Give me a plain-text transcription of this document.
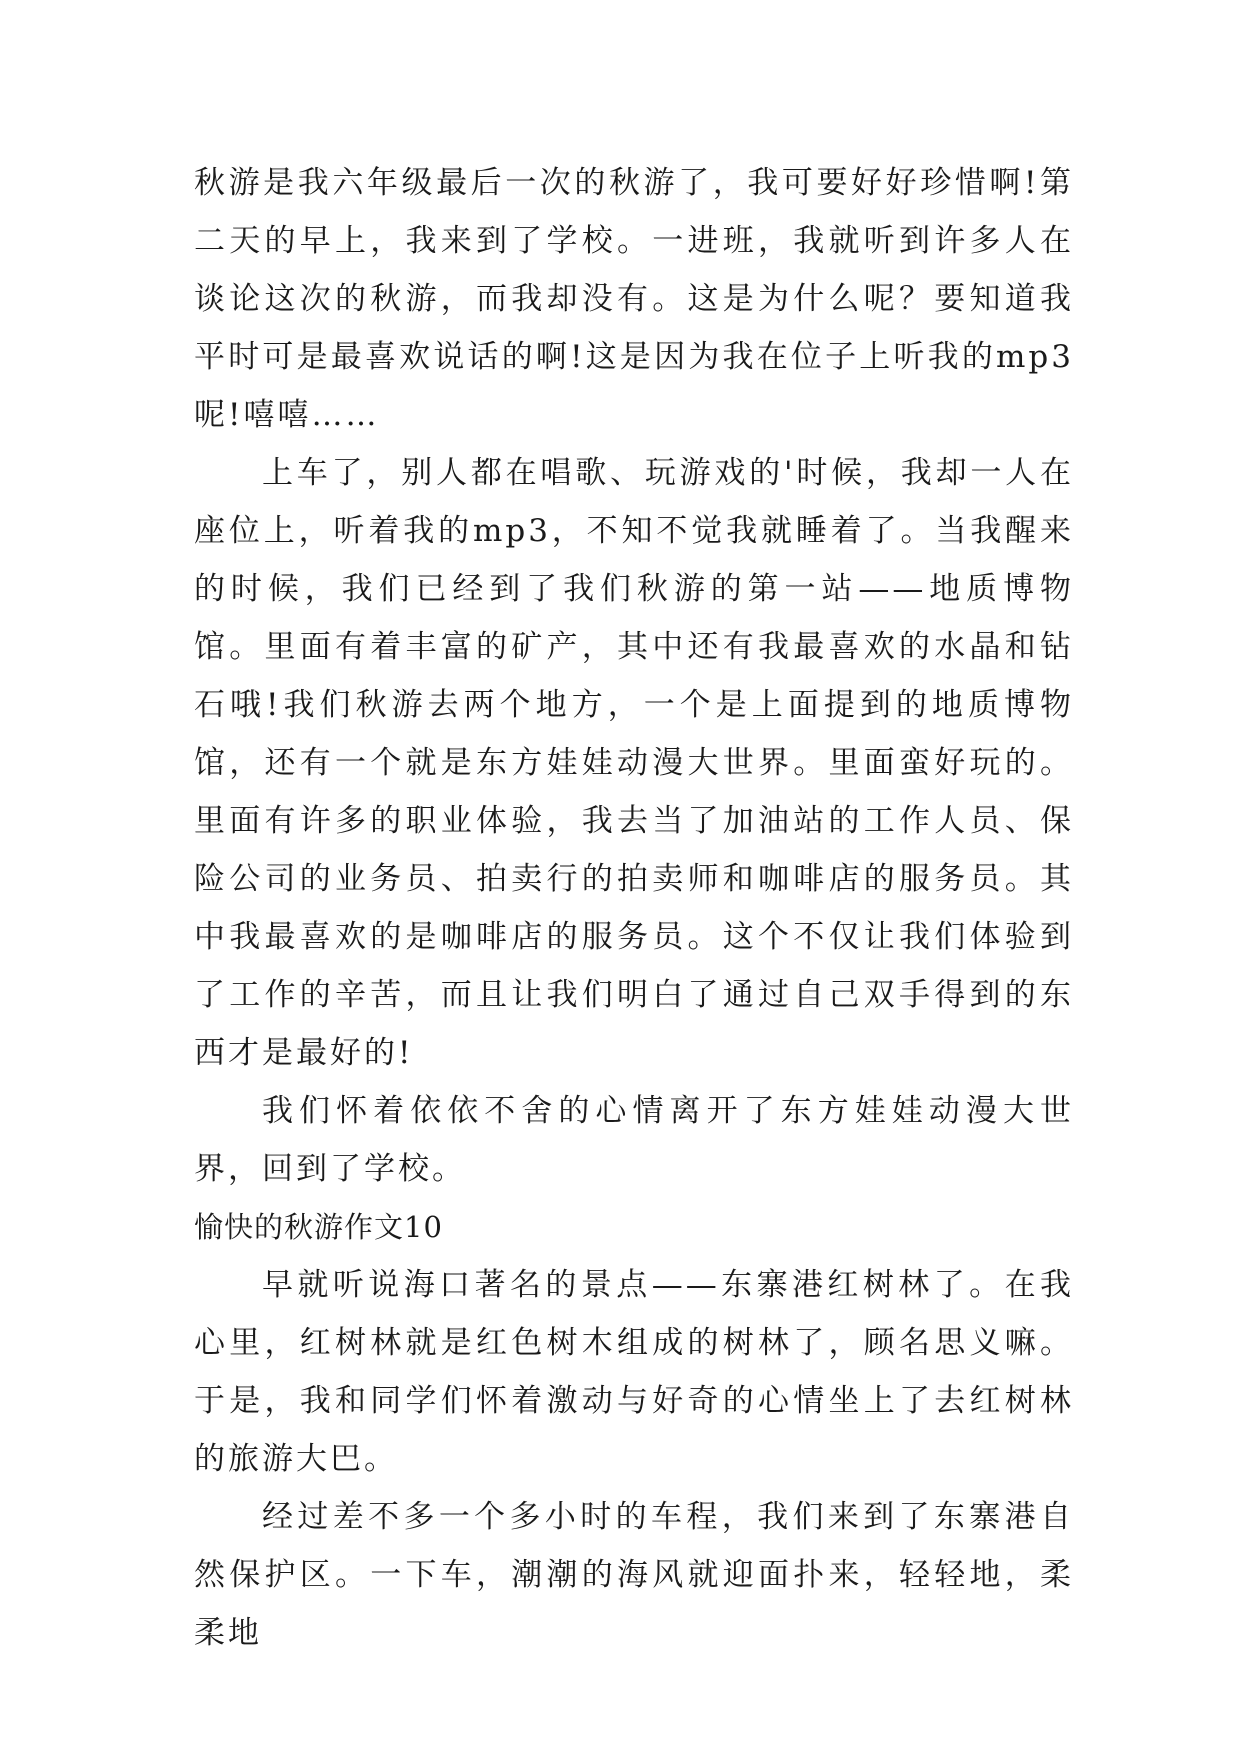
秋游是我六年级最后一次的秋游了，我可要好好珍惜啊!第二天的早上，我来到了学校。一进班，我就听到许多人在谈论这次的秋游，而我却没有。这是为什么呢？要知道我平时可是最喜欢说话的啊!这是因为我在位子上听我的mp3呢!嘻嘻……

上车了，别人都在唱歌、玩游戏的'时候，我却一人在座位上，听着我的mp3，不知不觉我就睡着了。当我醒来的时候，我们已经到了我们秋游的第一站——地质博物馆。里面有着丰富的矿产，其中还有我最喜欢的水晶和钻石哦!我们秋游去两个地方，一个是上面提到的地质博物馆，还有一个就是东方娃娃动漫大世界。里面蛮好玩的。里面有许多的职业体验，我去当了加油站的工作人员、保险公司的业务员、拍卖行的拍卖师和咖啡店的服务员。其中我最喜欢的是咖啡店的服务员。这个不仅让我们体验到了工作的辛苦，而且让我们明白了通过自己双手得到的东西才是最好的!

我们怀着依依不舍的心情离开了东方娃娃动漫大世界，回到了学校。

愉快的秋游作文10

早就听说海口著名的景点——东寨港红树林了。在我心里，红树林就是红色树木组成的树林了，顾名思义嘛。于是，我和同学们怀着激动与好奇的心情坐上了去红树林的旅游大巴。

经过差不多一个多小时的车程，我们来到了东寨港自然保护区。一下车，潮潮的海风就迎面扑来，轻轻地，柔柔地
